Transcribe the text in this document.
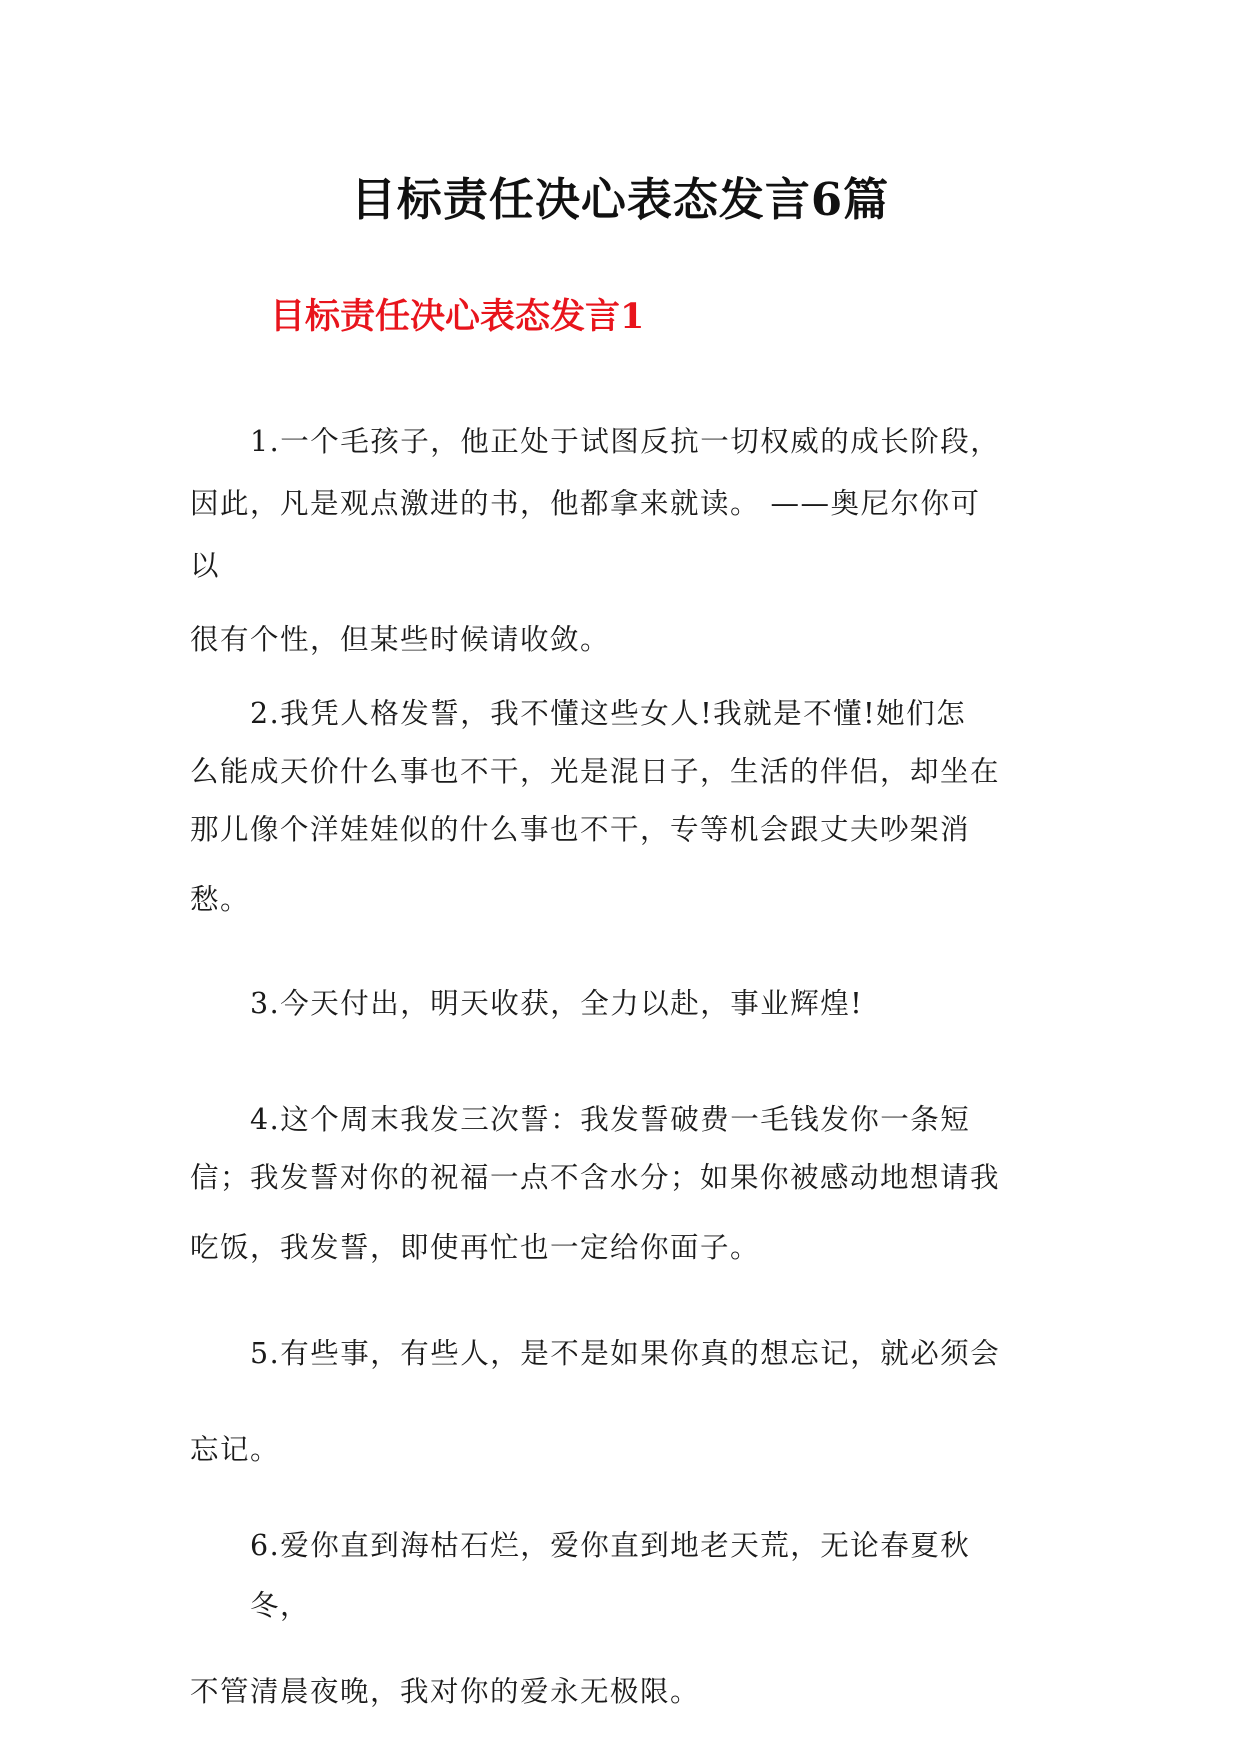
目标责任决心表态发言6篇
目标责任决心表态发言1
1.一个毛孩子，他正处于试图反抗一切权威的成长阶段，
因此，凡是观点激进的书，他都拿来就读。 ——奥尼尔你可
以
很有个性，但某些时候请收敛。
2.我凭人格发誓，我不懂这些女人!我就是不懂!她们怎
么能成天价什么事也不干，光是混日子，生活的伴侣，却坐在
那儿像个洋娃娃似的什么事也不干，专等机会跟丈夫吵架消
愁。
3.今天付出，明天收获，全力以赴，事业辉煌!
4.这个周末我发三次誓：我发誓破费一毛钱发你一条短
信；我发誓对你的祝福一点不含水分；如果你被感动地想请我
吃饭，我发誓，即使再忙也一定给你面子。
5.有些事，有些人，是不是如果你真的想忘记，就必须会
忘记。
6.爱你直到海枯石烂，爱你直到地老天荒，无论春夏秋
冬，
不管清晨夜晚，我对你的爱永无极限。
